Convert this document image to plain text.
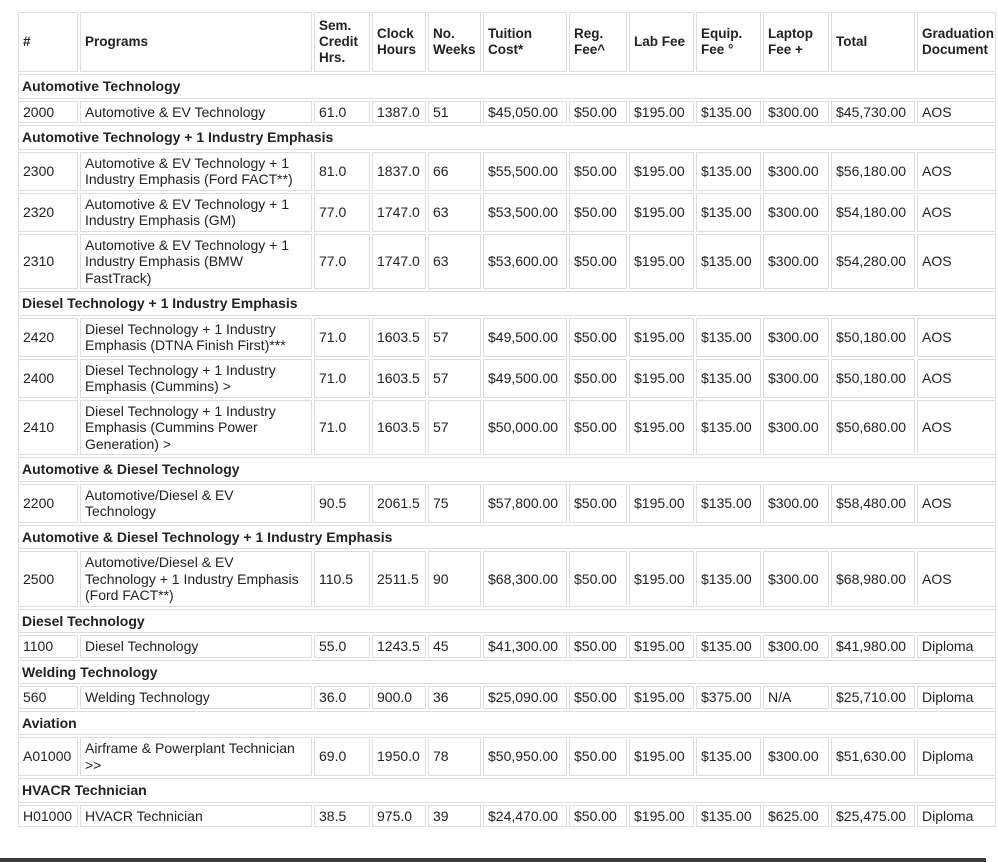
#	Programs	Sem. Credit Hrs.	Clock Hours	No. Weeks	Tuition Cost*	Reg. Fee^	Lab Fee	Equip. Fee °	Laptop Fee +	Total	Graduation Document
Automotive Technology											
2000	Automotive & EV Technology	61.0	1387.0	51	$45,050.00	$50.00	$195.00	$135.00	$300.00	$45,730.00	AOS
Automotive Technology + 1 Industry Emphasis											
2300	Automotive & EV Technology + 1 Industry Emphasis (Ford FACT**)	81.0	1837.0	66	$55,500.00	$50.00	$195.00	$135.00	$300.00	$56,180.00	AOS
2320	Automotive & EV Technology + 1 Industry Emphasis (GM)	77.0	1747.0	63	$53,500.00	$50.00	$195.00	$135.00	$300.00	$54,180.00	AOS
2310	Automotive & EV Technology + 1 Industry Emphasis (BMW FastTrack)	77.0	1747.0	63	$53,600.00	$50.00	$195.00	$135.00	$300.00	$54,280.00	AOS
Diesel Technology + 1 Industry Emphasis											
2420	Diesel Technology + 1 Industry Emphasis (DTNA Finish First)***	71.0	1603.5	57	$49,500.00	$50.00	$195.00	$135.00	$300.00	$50,180.00	AOS
2400	Diesel Technology + 1 Industry Emphasis (Cummins) >	71.0	1603.5	57	$49,500.00	$50.00	$195.00	$135.00	$300.00	$50,180.00	AOS
2410	Diesel Technology + 1 Industry Emphasis (Cummins Power Generation) >	71.0	1603.5	57	$50,000.00	$50.00	$195.00	$135.00	$300.00	$50,680.00	AOS
Automotive & Diesel Technology											
2200	Automotive/Diesel & EV Technology	90.5	2061.5	75	$57,800.00	$50.00	$195.00	$135.00	$300.00	$58,480.00	AOS
Automotive & Diesel Technology + 1 Industry Emphasis											
2500	Automotive/Diesel & EV Technology + 1 Industry Emphasis (Ford FACT**)	110.5	2511.5	90	$68,300.00	$50.00	$195.00	$135.00	$300.00	$68,980.00	AOS
Diesel Technology											
1100	Diesel Technology	55.0	1243.5	45	$41,300.00	$50.00	$195.00	$135.00	$300.00	$41,980.00	Diploma
Welding Technology											
560	Welding Technology	36.0	900.0	36	$25,090.00	$50.00	$195.00	$375.00	N/A	$25,710.00	Diploma
Aviation											
A01000	Airframe & Powerplant Technician >>	69.0	1950.0	78	$50,950.00	$50.00	$195.00	$135.00	$300.00	$51,630.00	Diploma
HVACR Technician											
H01000	HVACR Technician	38.5	975.0	39	$24,470.00	$50.00	$195.00	$135.00	$625.00	$25,475.00	Diploma
